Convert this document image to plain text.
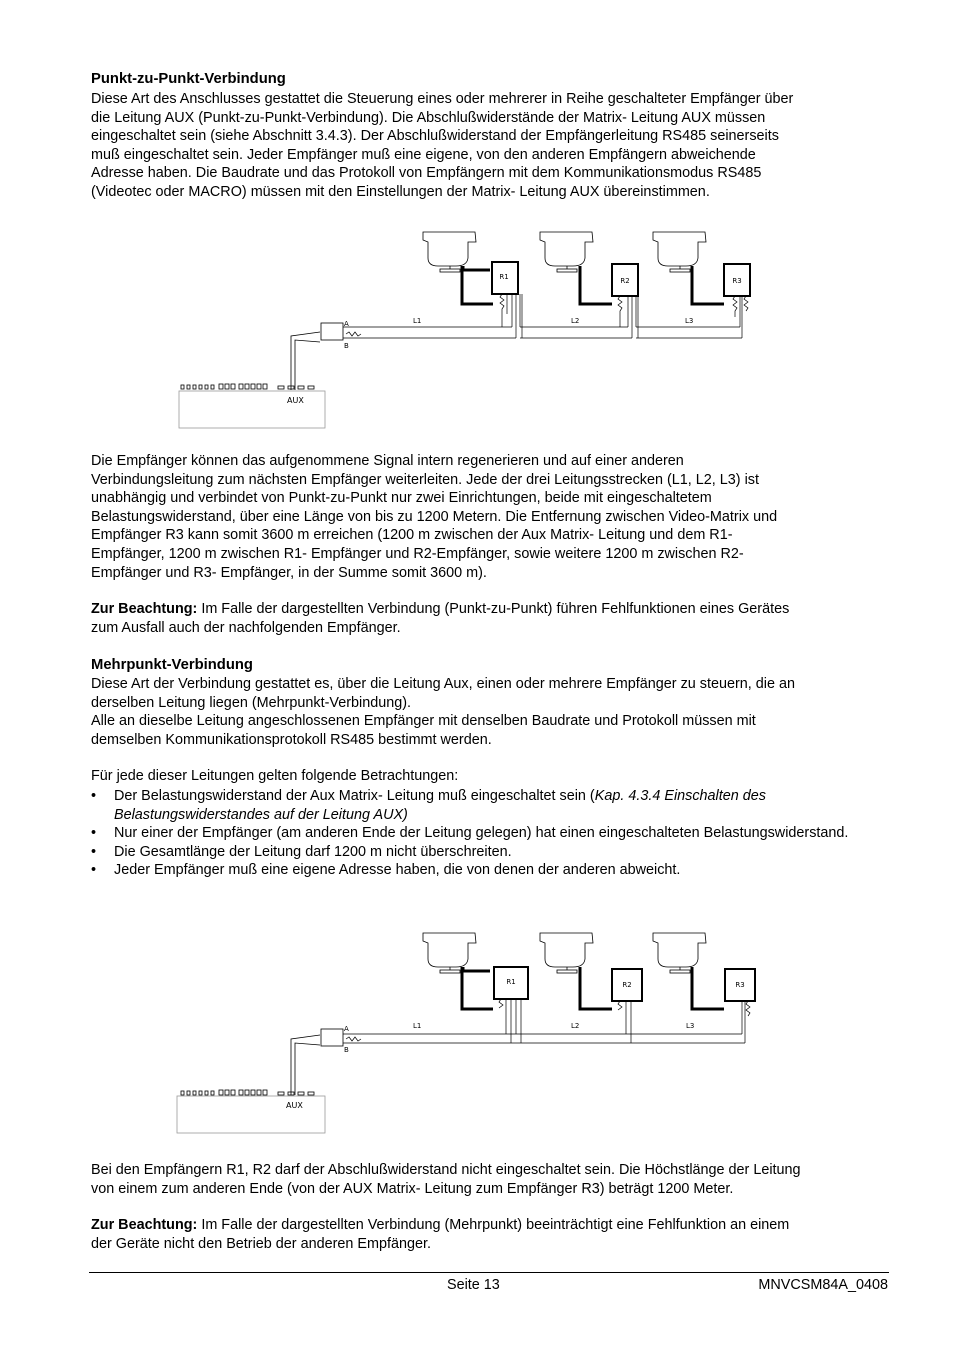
Punkt-zu-Punkt-Verbindung

Diese Art des Anschlusses gestattet die Steuerung eines oder mehrerer in Reihe geschalteter Empfänger über

die Leitung AUX (Punkt-zu-Punkt-Verbindung). Die Abschlußwiderstände der Matrix- Leitung AUX müssen

eingeschaltet sein (siehe Abschnitt 3.4.3). Der Abschlußwiderstand der Empfängerleitung RS485 seinerseits

muß eingeschaltet sein. Jeder Empfänger muß eine eigene, von den anderen Empfängern abweichende

Adresse haben. Die Baudrate und das Protokoll von Empfängern mit dem Kommunikationsmodus RS485

(Videotec oder MACRO) müssen mit den Einstellungen der Matrix- Leitung AUX übereinstimmen.

AUX
A
B
L1	L2	L3
R1	R2	R3

Die Empfänger können das aufgenommene Signal intern regenerieren und auf einer anderen

Verbindungsleitung zum nächsten Empfänger weiterleiten. Jede der drei Leitungsstrecken (L1, L2, L3) ist

unabhängig und verbindet von Punkt-zu-Punkt nur zwei Einrichtungen, beide mit eingeschaltetem

Belastungswiderstand, über eine Länge von bis zu 1200 Metern. Die Entfernung zwischen Video-Matrix und

Empfänger R3 kann somit 3600 m erreichen (1200 m zwischen der Aux Matrix- Leitung und dem R1-

Empfänger, 1200 m zwischen R1- Empfänger und R2-Empfänger, sowie weitere 1200 m zwischen R2-

Empfänger und R3- Empfänger, in der Summe somit 3600 m).

Zur Beachtung: Im Falle der dargestellten Verbindung (Punkt-zu-Punkt) führen Fehlfunktionen eines Gerätes

zum Ausfall auch der nachfolgenden Empfänger.

Mehrpunkt-Verbindung

Diese Art der Verbindung gestattet es, über die Leitung Aux, einen oder mehrere Empfänger zu steuern, die an

derselben Leitung liegen (Mehrpunkt-Verbindung).

Alle an dieselbe Leitung angeschlossenen Empfänger mit denselben Baudrate und Protokoll müssen mit

demselben Kommunikationsprotokoll RS485 bestimmt werden.

Für jede dieser Leitungen gelten folgende Betrachtungen:
• Der Belastungswiderstand der Aux Matrix- Leitung muß eingeschaltet sein (Kap. 4.3.4 Einschalten des Belastungswiderstandes auf der Leitung AUX)
• Nur einer der Empfänger (am anderen Ende der Leitung gelegen) hat einen eingeschalteten Belastungswiderstand.
• Die Gesamtlänge der Leitung darf 1200 m nicht überschreiten.
• Jeder Empfänger muß eine eigene Adresse haben, die von denen der anderen abweicht.
AUX
A
B
L1	L2	L3
R1	R2	R3

Bei den Empfängern R1, R2 darf der Abschlußwiderstand nicht eingeschaltet sein. Die Höchstlänge der Leitung

von einem zum anderen Ende (von der AUX Matrix- Leitung zum Empfänger R3) beträgt 1200 Meter.

Zur Beachtung: Im Falle der dargestellten Verbindung (Mehrpunkt) beeinträchtigt eine Fehlfunktion an einem

der Geräte nicht den Betrieb der anderen Empfänger.

Seite 13	MNVCSM84A_0408
